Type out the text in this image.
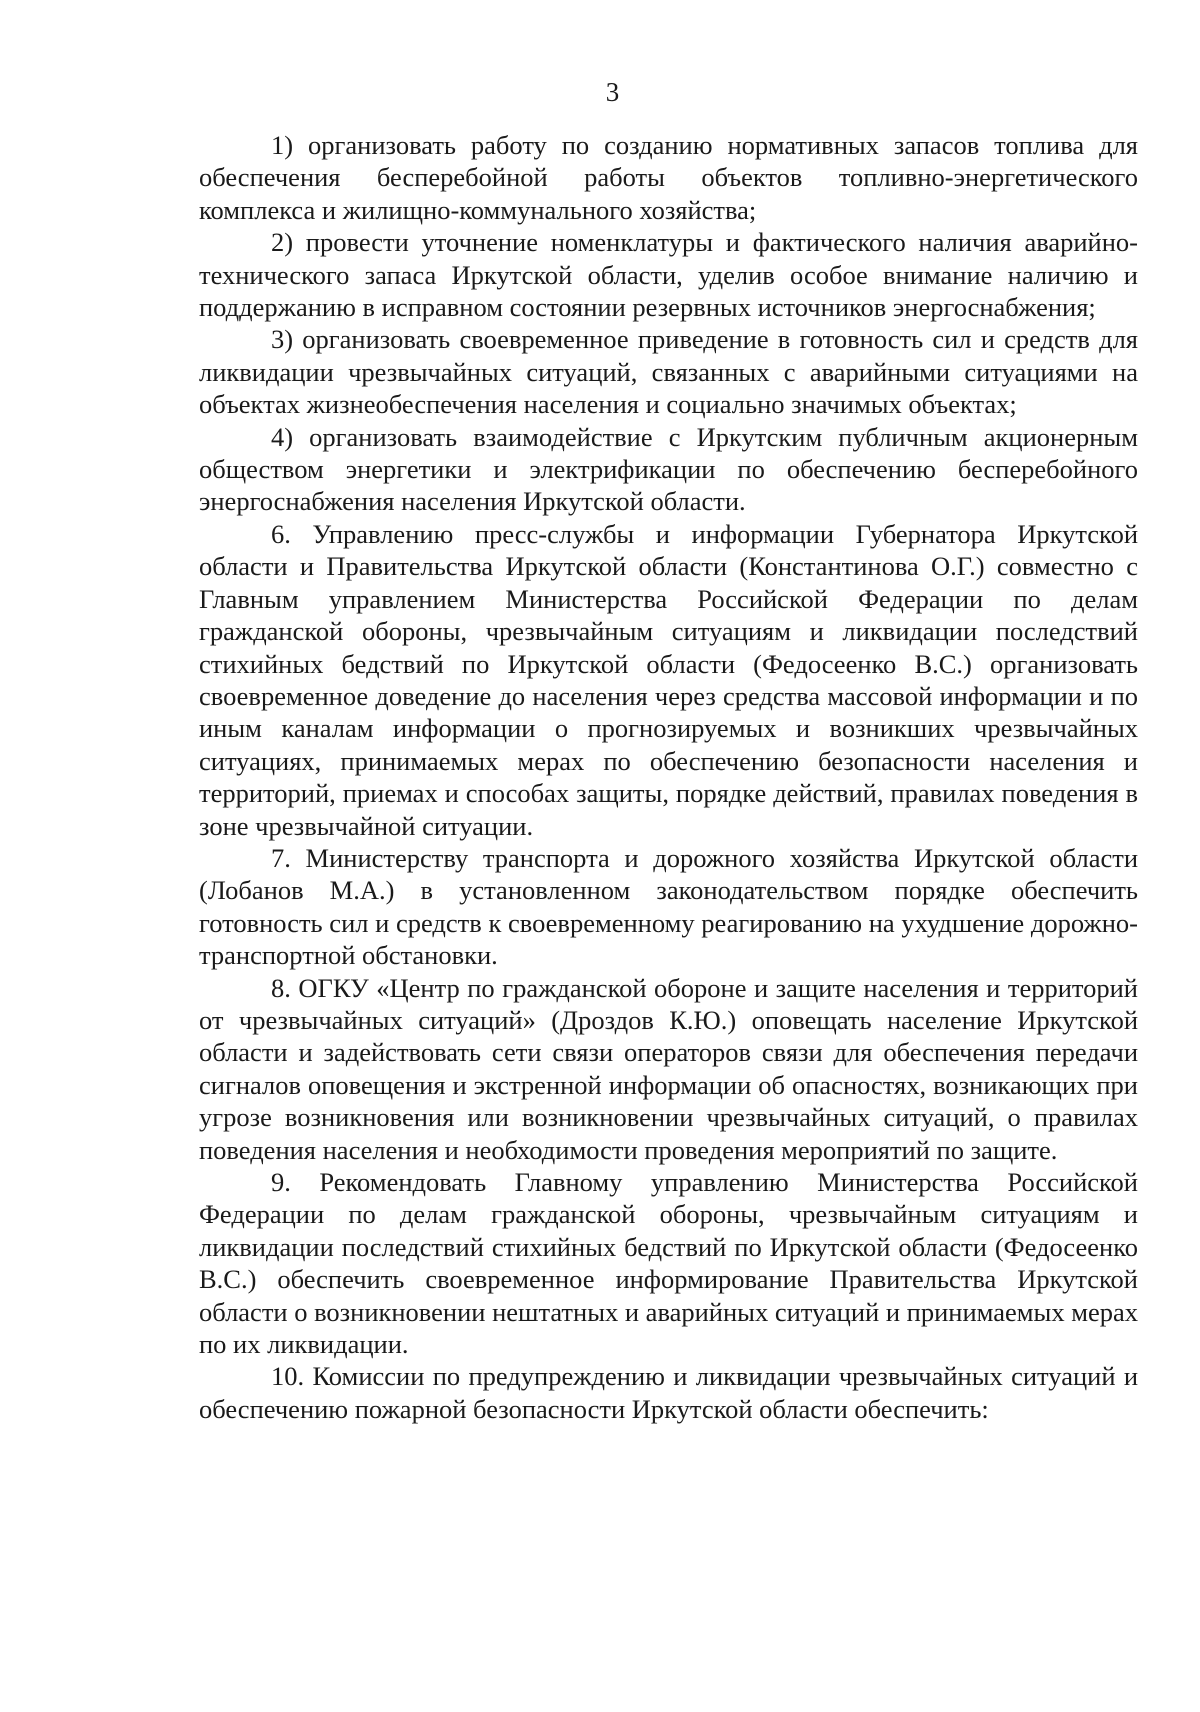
3

1) организовать работу по созданию нормативных запасов топлива для обеспечения бесперебойной работы объектов топливно-энергетического комплекса и жилищно-коммунального хозяйства;

2) провести уточнение номенклатуры и фактического наличия аварийно-технического запаса Иркутской области, уделив особое внимание наличию и поддержанию в исправном состоянии резервных источников энергоснабжения;

3) организовать своевременное приведение в готовность сил и средств для ликвидации чрезвычайных ситуаций, связанных с аварийными ситуациями на объектах жизнеобеспечения населения и социально значимых объектах;

4) организовать взаимодействие с Иркутским публичным акционерным обществом энергетики и электрификации по обеспечению бесперебойного энергоснабжения населения Иркутской области.

6. Управлению пресс-службы и информации Губернатора Иркутской области и Правительства Иркутской области (Константинова О.Г.) совместно с Главным управлением Министерства Российской Федерации по делам гражданской обороны, чрезвычайным ситуациям и ликвидации последствий стихийных бедствий по Иркутской области (Федосеенко В.С.) организовать своевременное доведение до населения через средства массовой информации и по иным каналам информации о прогнозируемых и возникших чрезвычайных ситуациях, принимаемых мерах по обеспечению безопасности населения и территорий, приемах и способах защиты, порядке действий, правилах поведения в зоне чрезвычайной ситуации.

7. Министерству транспорта и дорожного хозяйства Иркутской области (Лобанов М.А.) в установленном законодательством порядке обеспечить готовность сил и средств к своевременному реагированию на ухудшение дорожно-транспортной обстановки.

8. ОГКУ «Центр по гражданской обороне и защите населения и территорий от чрезвычайных ситуаций» (Дроздов К.Ю.) оповещать население Иркутской области и задействовать сети связи операторов связи для обеспечения передачи сигналов оповещения и экстренной информации об опасностях, возникающих при угрозе возникновения или возникновении чрезвычайных ситуаций, о правилах поведения населения и необходимости проведения мероприятий по защите.

9. Рекомендовать Главному управлению Министерства Российской Федерации по делам гражданской обороны, чрезвычайным ситуациям и ликвидации последствий стихийных бедствий по Иркутской области (Федосеенко В.С.) обеспечить своевременное информирование Правительства Иркутской области о возникновении нештатных и аварийных ситуаций и принимаемых мерах по их ликвидации.

10. Комиссии по предупреждению и ликвидации чрезвычайных ситуаций и обеспечению пожарной безопасности Иркутской области обеспечить:
